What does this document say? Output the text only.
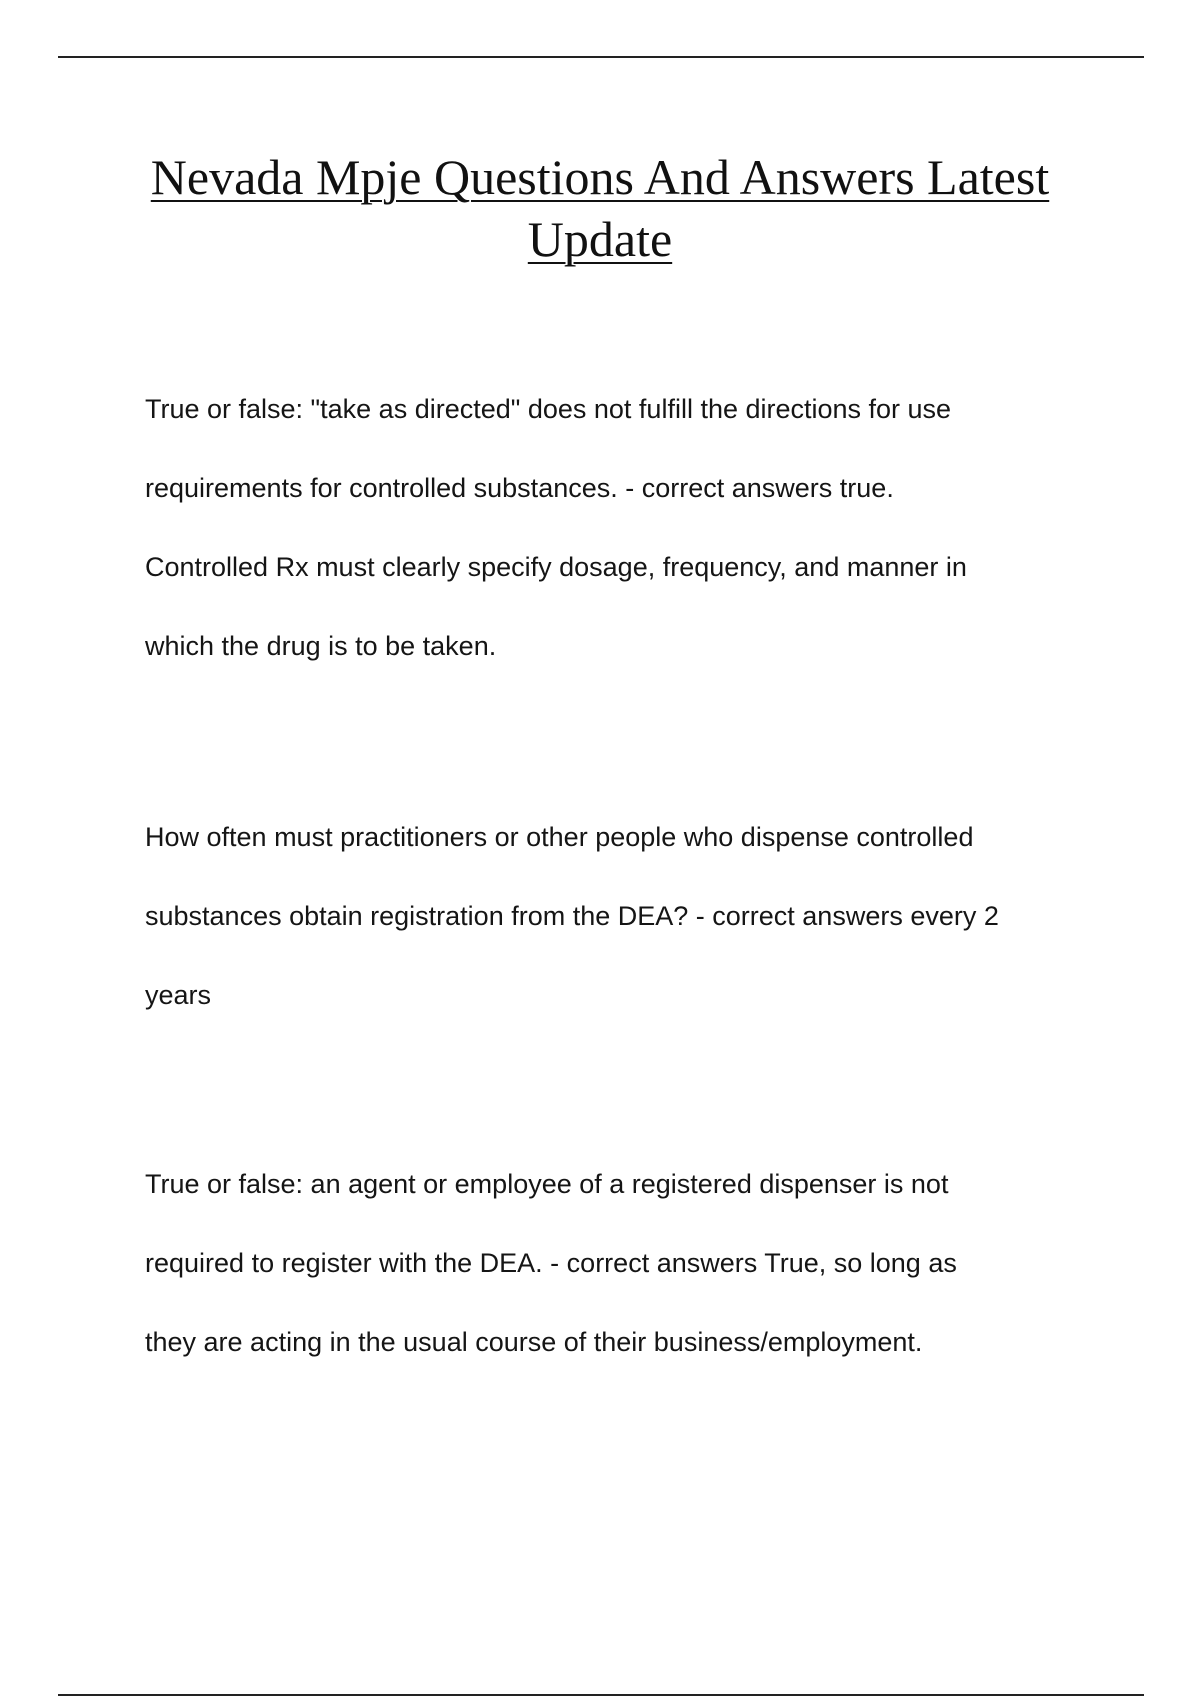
Nevada Mpje Questions And Answers Latest Update
True or false: "take as directed" does not fulfill the directions for use
requirements for controlled substances. - correct answers true.
Controlled Rx must clearly specify dosage, frequency, and manner in
which the drug is to be taken.
How often must practitioners or other people who dispense controlled
substances obtain registration from the DEA? - correct answers every 2
years
True or false: an agent or employee of a registered dispenser is not
required to register with the DEA. - correct answers True, so long as
they are acting in the usual course of their business/employment.
